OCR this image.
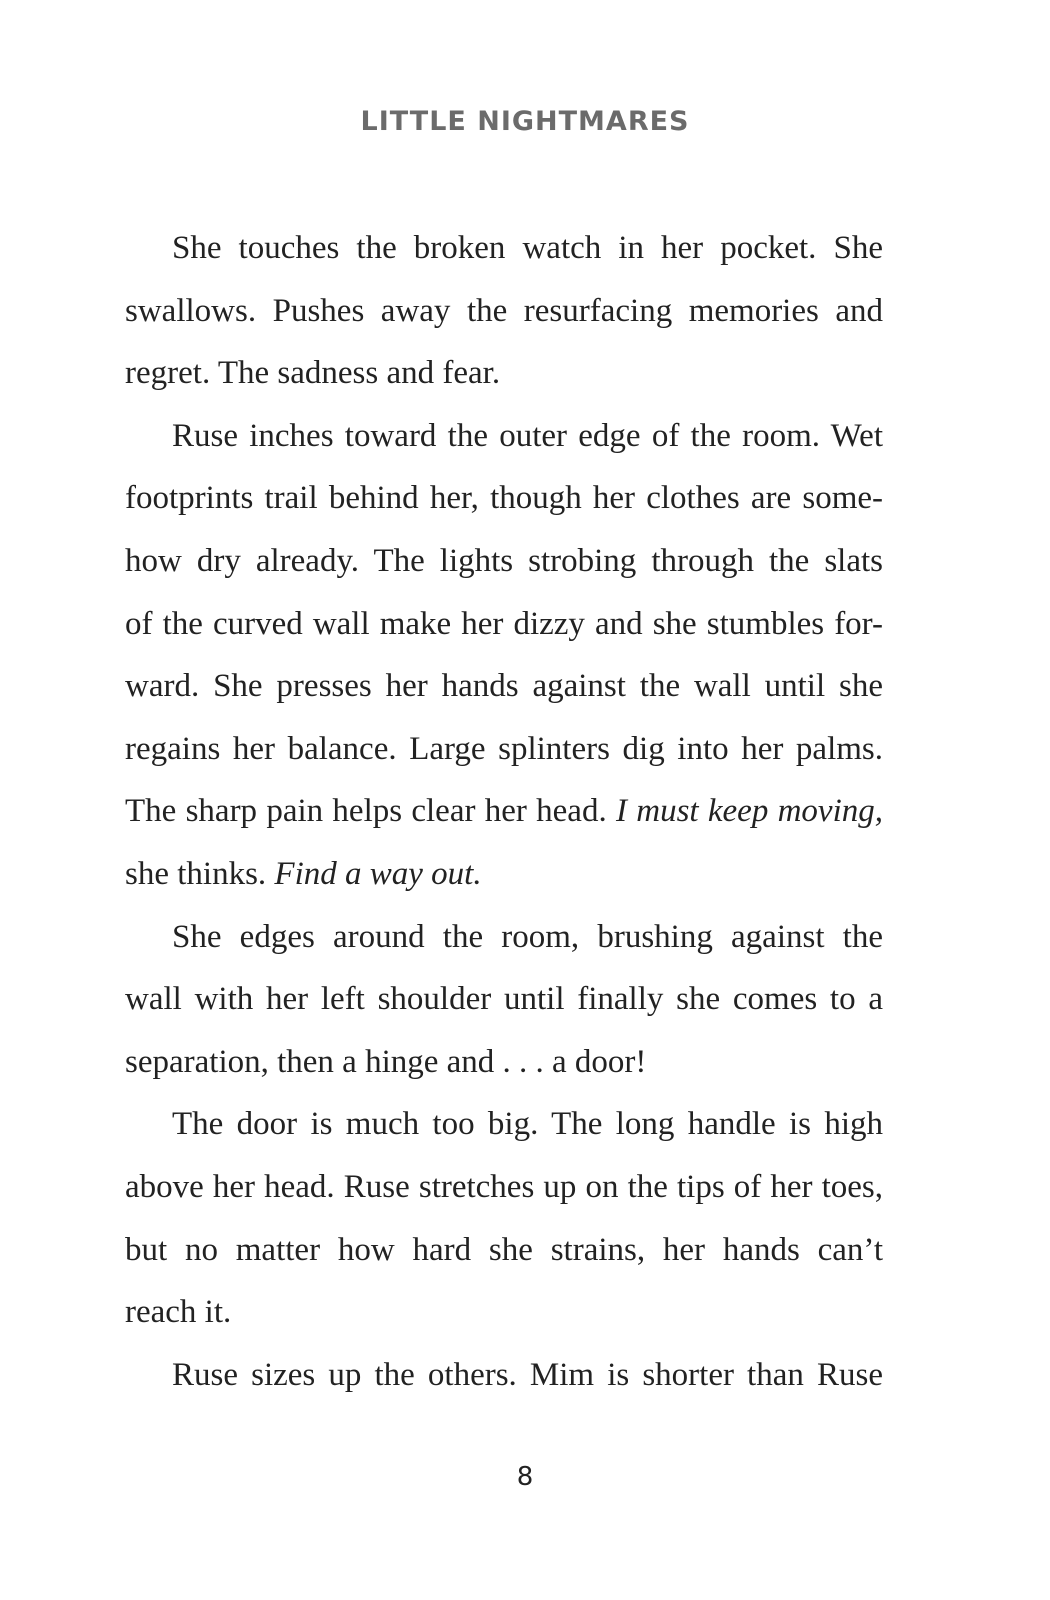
LITTLE NIGHTMARES
She touches the broken watch in her pocket. She
swallows. Pushes away the resurfacing memories and
regret. The sadness and fear.
Ruse inches toward the outer edge of the room. Wet
footprints trail behind her, though her clothes are some-
how dry already. The lights strobing through the slats
of the curved wall make her dizzy and she stumbles for-
ward. She presses her hands against the wall until she
regains her balance. Large splinters dig into her palms.
The sharp pain helps clear her head. I must keep moving,
she thinks. Find a way out.
She edges around the room, brushing against the
wall with her left shoulder until finally she comes to a
separation, then a hinge and . . . a door!
The door is much too big. The long handle is high
above her head. Ruse stretches up on the tips of her toes,
but no matter how hard she strains, her hands can’t
reach it.
Ruse sizes up the others. Mim is shorter than Ruse
8
